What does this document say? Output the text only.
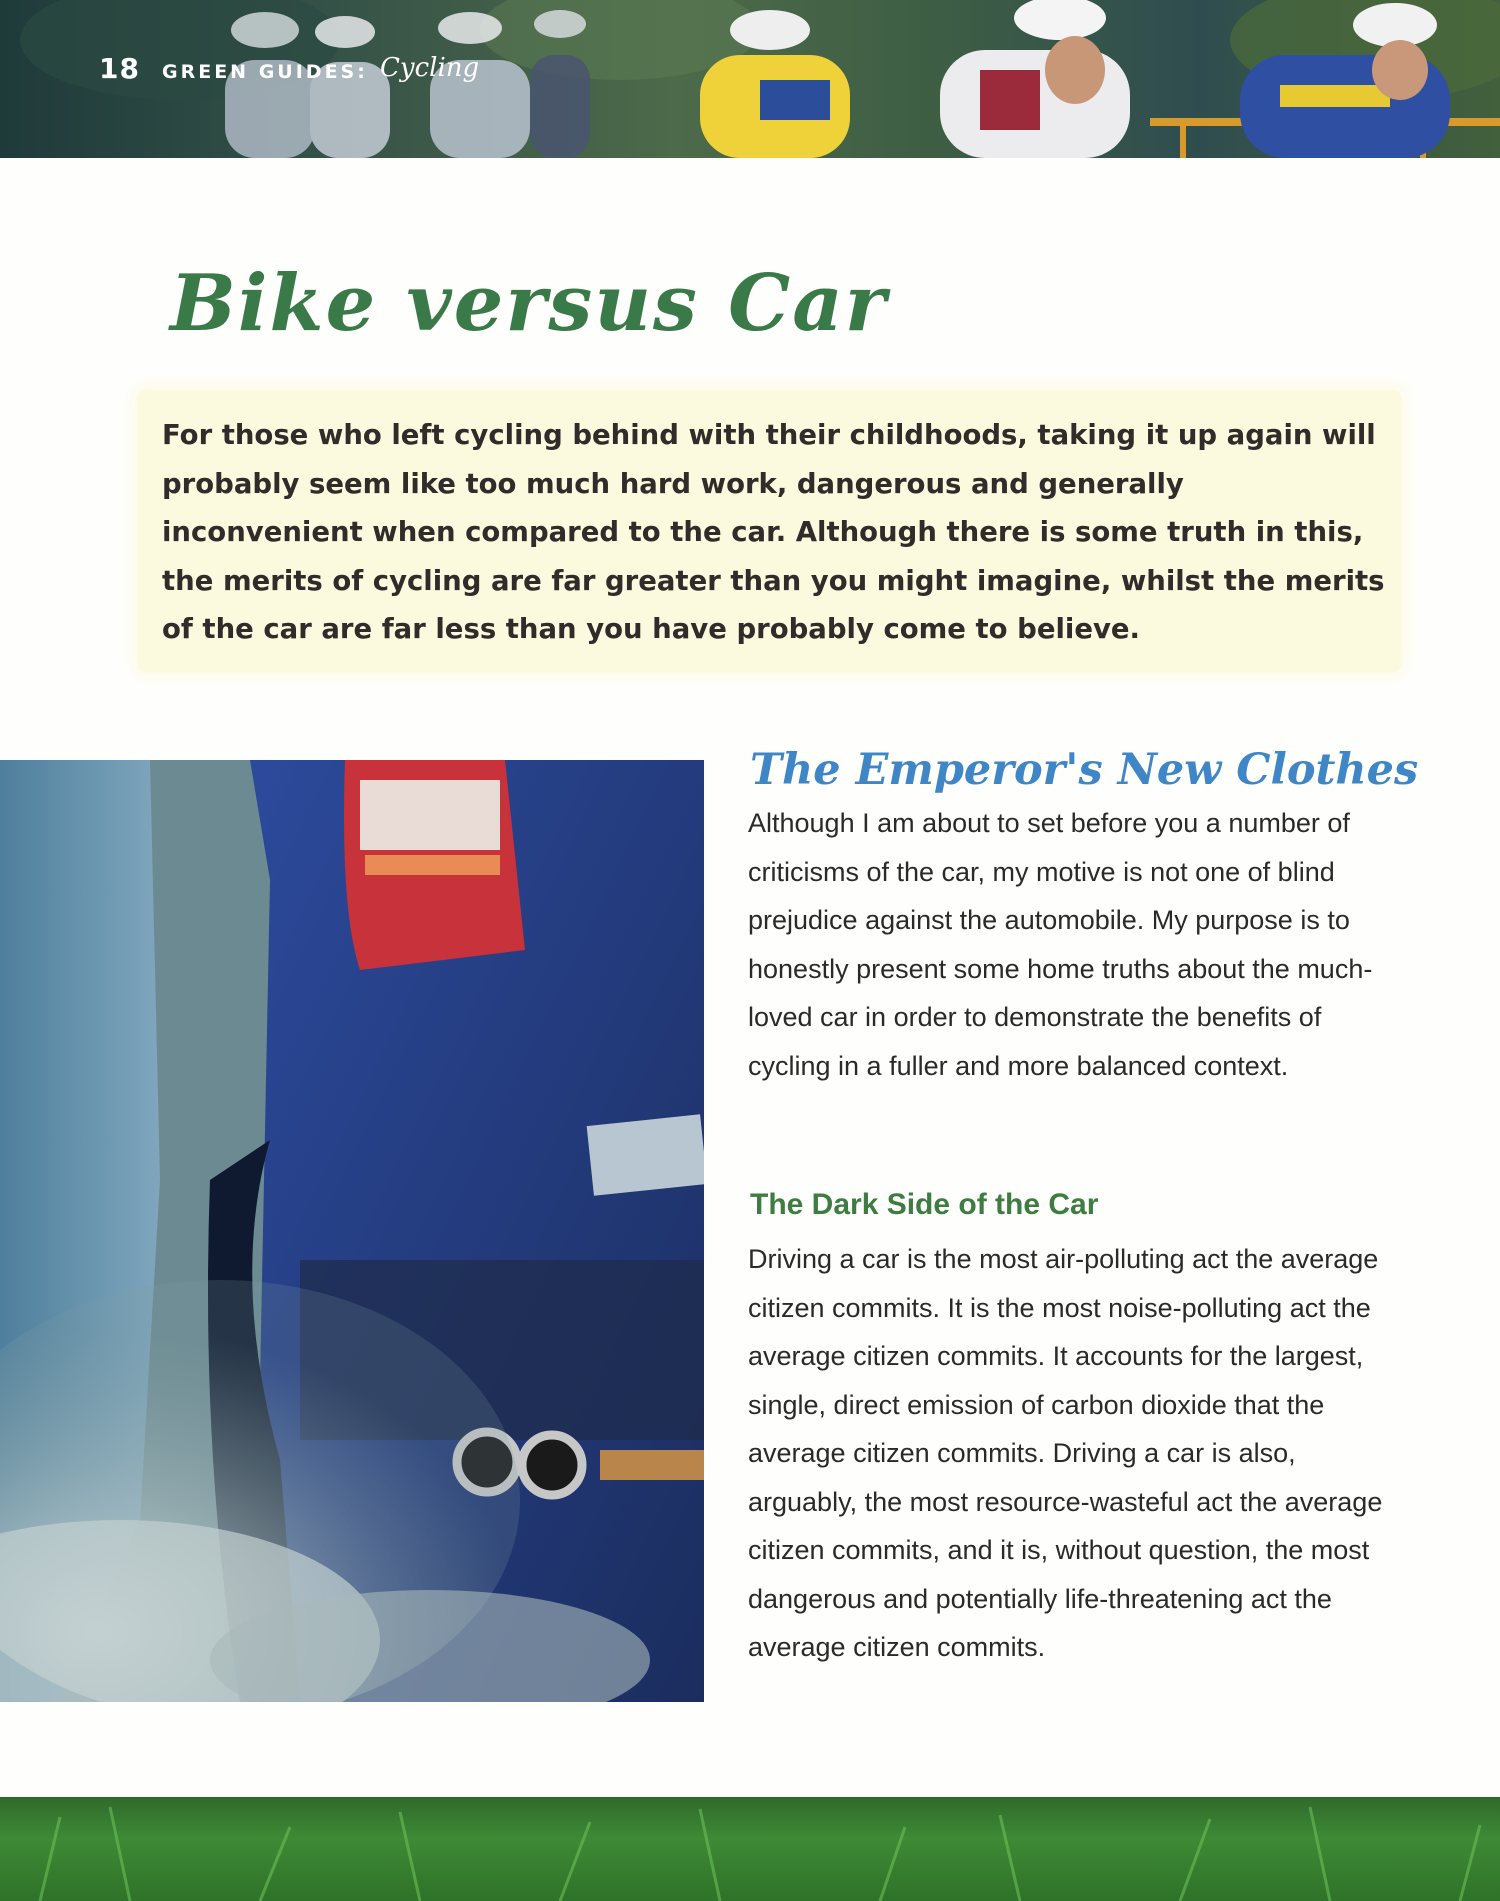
18 GREEN GUIDES: Cycling
Bike versus Car

For those who left cycling behind with their childhoods, taking it up again will probably seem like too much hard work, dangerous and generally inconvenient when compared to the car. Although there is some truth in this, the merits of cycling are far greater than you might imagine, whilst the merits of the car are far less than you have probably come to believe.

The Emperor's New Clothes

Although I am about to set before you a number of criticisms of the car, my motive is not one of blind prejudice against the automobile. My purpose is to honestly present some home truths about the much-loved car in order to demonstrate the benefits of cycling in a fuller and more balanced context.

The Dark Side of the Car

Driving a car is the most air-polluting act the average citizen commits. It is the most noise-polluting act the average citizen commits. It accounts for the largest, single, direct emission of carbon dioxide that the average citizen commits. Driving a car is also, arguably, the most resource-wasteful act the average citizen commits, and it is, without question, the most dangerous and potentially life-threatening act the average citizen commits.
